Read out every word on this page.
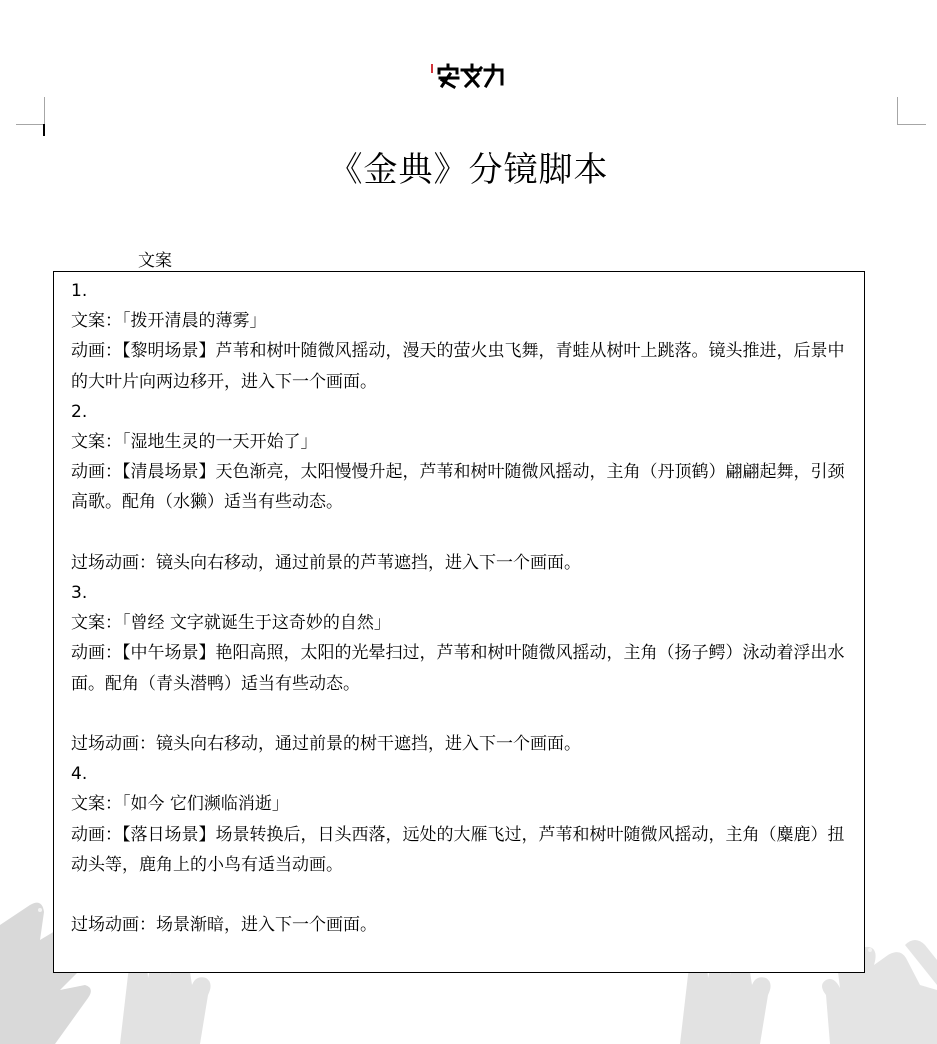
《金典》分镜脚本
文案

1.

文案：「拨开清晨的薄雾」

动画：【黎明场景】芦苇和树叶随微风摇动，漫天的萤火虫飞舞，青蛙从树叶上跳落。镜头推进，后景中的大叶片向两边移开，进入下一个画面。

2.

文案：「湿地生灵的一天开始了」

动画：【清晨场景】天色渐亮，太阳慢慢升起，芦苇和树叶随微风摇动，主角（丹顶鹤）翩翩起舞，引颈高歌。配角（水獭）适当有些动态。

过场动画：镜头向右移动，通过前景的芦苇遮挡，进入下一个画面。

3.

文案：「曾经 文字就诞生于这奇妙的自然」

动画：【中午场景】艳阳高照，太阳的光晕扫过，芦苇和树叶随微风摇动，主角（扬子鳄）泳动着浮出水面。配角（青头潜鸭）适当有些动态。

过场动画：镜头向右移动，通过前景的树干遮挡，进入下一个画面。

4.

文案：「如今 它们濒临消逝」

动画：【落日场景】场景转换后，日头西落，远处的大雁飞过，芦苇和树叶随微风摇动，主角（麋鹿）扭动头等，鹿角上的小鸟有适当动画。

过场动画：场景渐暗，进入下一个画面。
